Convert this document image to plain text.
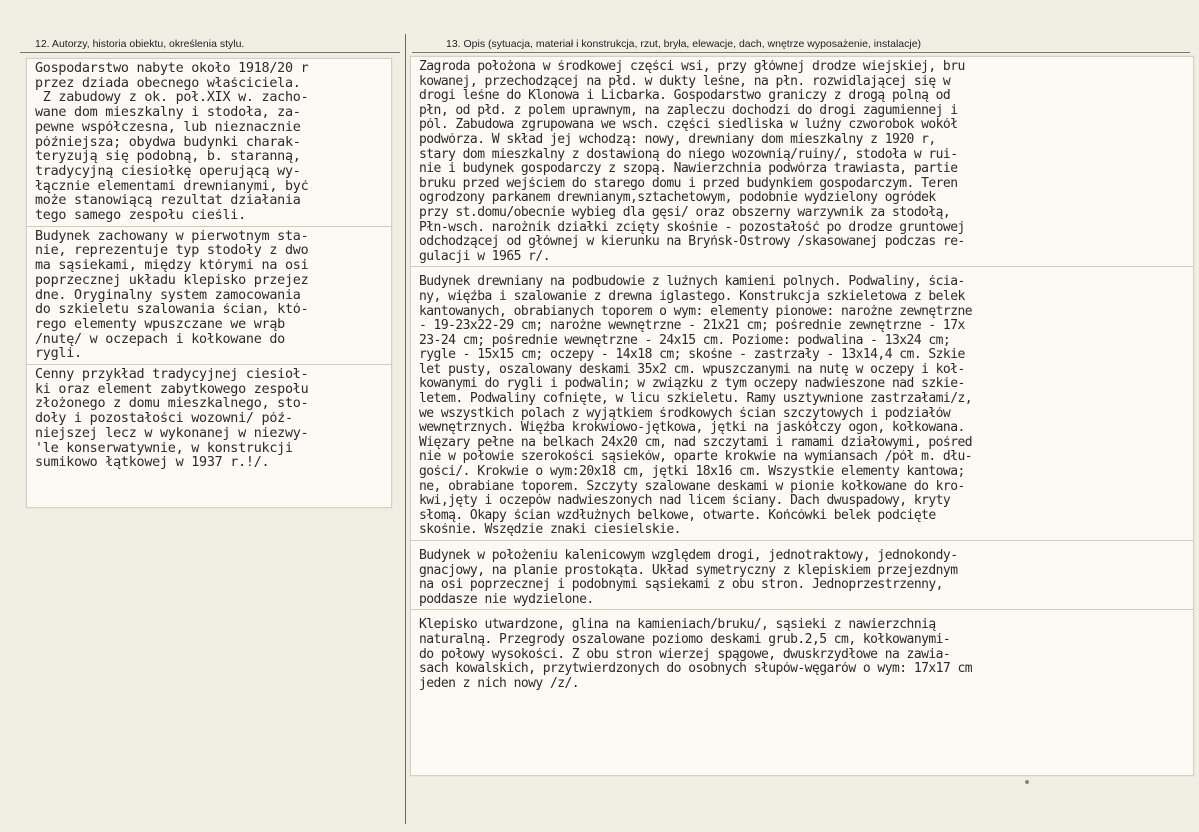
12. Autorzy, historia obiektu, określenia stylu.	13. Opis (sytuacja, materiał i konstrukcja, rzut, bryła, elewacje, dach, wnętrze wyposażenie, instalacje)
Gospodarstwo nabyte około 1918/20 r
przez dziada obecnego właściciela.
Z zabudowy z ok. poł.XIX w. zacho-
wane dom mieszkalny i stodoła, za-
pewne współczesna, lub nieznacznie
późniejsza; obydwa budynki charak-
teryzują się podobną, b. staranną,
tradycyjną ciesiołkę operującą wy-
łącznie elementami drewnianymi, być
może stanowiącą rezultat działania
tego samego zespołu cieśli.
Budynek zachowany w pierwotnym sta-
nie, reprezentuje typ stodoły z dwo
ma sąsiekami, między którymi na osi
poprzecznej układu klepisko przejez
dne. Oryginalny system zamocowania
do szkieletu szalowania ścian, któ-
rego elementy wpuszczane we wrąb
/nutę/ w oczepach i kołkowane do
rygli.
Cenny przykład tradycyjnej ciesioł-
ki oraz element zabytkowego zespołu
złożonego z domu mieszkalnego, sto-
doły i pozostałości wozowni/ póź-
niejszej lecz w wykonanej w niezwy-
'le konserwatywnie, w konstrukcji
sumikowo łątkowej w 1937 r.!/.
Zagroda położona w środkowej części wsi, przy głównej drodze wiejskiej, bru
kowanej, przechodzącej na płd. w dukty leśne, na płn. rozwidlającej się w
drogi leśne do Klonowa i Licbarka. Gospodarstwo graniczy z drogą polną od
płn, od płd. z polem uprawnym, na zapleczu dochodzi do drogi zagumiennej i
pól. Zabudowa zgrupowana we wsch. części siedliska w luźny czworobok wokół
podwórza. W skład jej wchodzą: nowy, drewniany dom mieszkalny z 1920 r,
stary dom mieszkalny z dostawioną do niego wozownią/ruiny/, stodoła w ruі-
nie i budynek gospodarczy z szopą. Nawierzchnia podwórza trawiasta, partie
bruku przed wejściem do starego domu i przed budynkiem gospodarczym. Teren
ogrodzony parkanem drewnianym,sztachetowym, podobnie wydzielony ogródek
przy st.domu/obecnie wybieg dla gęsi/ oraz obszerny warzywnik za stodołą,
Płn-wsch. narożnik działki zcięty skośnie - pozostałość po drodze gruntowej
odchodzącej od głównej w kierunku na Bryńsk-Ostrowy /skasowanej podczas re-
gulacji w 1965 r/.
Budynek drewniany na podbudowie z luźnych kamieni polnych. Podwaliny, ścia-
ny, więźba i szalowanie z drewna iglastego. Konstrukcja szkieletowa z belek
kantowanych, obrabianych toporem o wym: elementy pionowe: narożne zewnętrzne
- 19-23x22-29 cm; narożne wewnętrzne - 21x21 cm; pośrednie zewnętrzne - 17x
23-24 cm; pośrednie wewnętrzne - 24x15 cm. Poziome: podwalina - 13x24 cm;
rygle - 15x15 cm; oczepy - 14x18 cm; skośne - zastrzały - 13x14,4 cm. Szkie
let pusty, oszalowany deskami 35x2 cm. wpuszczanymi na nutę w oczepy i koł-
kowanymi do rygli i podwalin; w związku z tym oczepy nadwieszone nad szkie-
letem. Podwaliny cofnięte, w licu szkieletu. Ramy usztywnione zastrzałami/z,
we wszystkich polach z wyjątkiem środkowych ścian szczytowych i podziałów
wewnętrznych. Więźba krokwiowo-jętkowa, jętki na jaskółczy ogon, kołkowana.
Więzary pełne na belkach 24x20 cm, nad szczytami i ramami działowymi, pośred
nie w połowie szerokości sąsieków, oparte krokwie na wymiansach /pół m. dłu-
gości/. Krokwie o wym:20x18 cm, jętki 18x16 cm. Wszystkie elementy kantowa;
ne, obrabiane toporem. Szczyty szalowane deskami w pionie kołkowane do kro-
kwi,jęty i oczepów nadwieszonych nad licem ściany. Dach dwuspadowy, kryty
słomą. Okapy ścian wzdłużnych belkowe, otwarte. Końcówki belek podcięte
skośnie. Wszędzie znaki ciesielskie.
Budynek w położeniu kalenicowym względem drogi, jednotraktowy, jednokondy-
gnacjowy, na planie prostokąta. Układ symetryczny z klepiskiem przejezdnym
na osi poprzecznej i podobnymi sąsiekami z obu stron. Jednoprzestrzenny,
poddasze nie wydzielone.
Klepisko utwardzone, glina na kamieniach/bruku/, sąsieki z nawierzchnią
naturalną. Przegrody oszalowane poziomo deskami grub.2,5 cm, kołkowanymi-
do połowy wysokości. Z obu stron wierzej spągowe, dwuskrzydłowe na zawia-
sach kowalskich, przytwierdzonych do osobnych słupów-węgarów o wym: 17x17 cm
jeden z nich nowy /z/.
